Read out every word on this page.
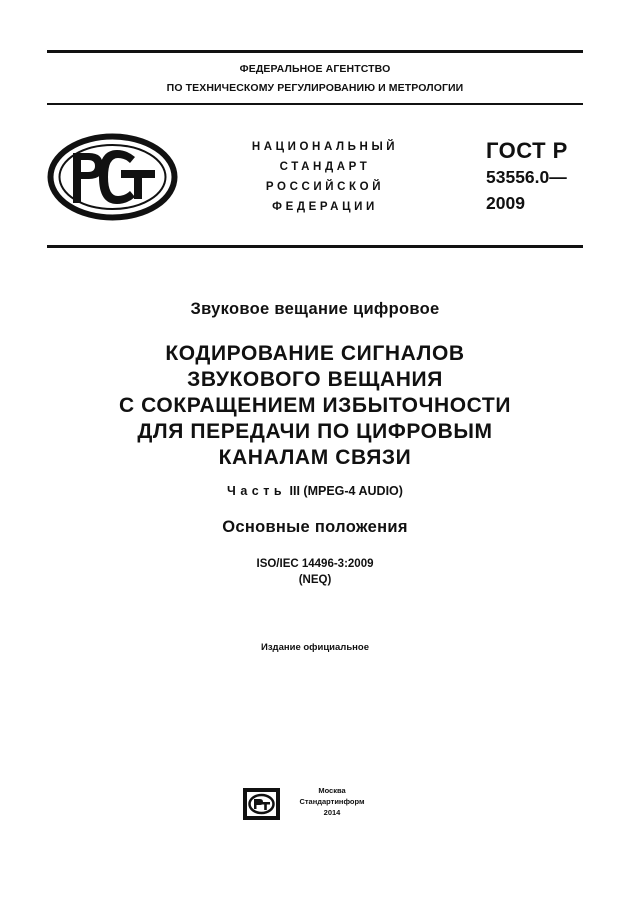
ФЕДЕРАЛЬНОЕ АГЕНТСТВО
ПО ТЕХНИЧЕСКОМУ РЕГУЛИРОВАНИЮ И МЕТРОЛОГИИ
НАЦИОНАЛЬНЫЙ
СТАНДАРТ
РОССИЙСКОЙ
ФЕДЕРАЦИИ
ГОСТ Р
53556.0—
2009
Звуковое вещание цифровое
КОДИРОВАНИЕ СИГНАЛОВ
ЗВУКОВОГО ВЕЩАНИЯ
С СОКРАЩЕНИЕМ ИЗБЫТОЧНОСТИ
ДЛЯ ПЕРЕДАЧИ ПО ЦИФРОВЫМ
КАНАЛАМ СВЯЗИ
Часть III (MPEG-4 AUDIO)
Основные положения
ISO/IEC 14496-3:2009
(NEQ)
Издание официальное
Москва
Стандартинформ
2014
